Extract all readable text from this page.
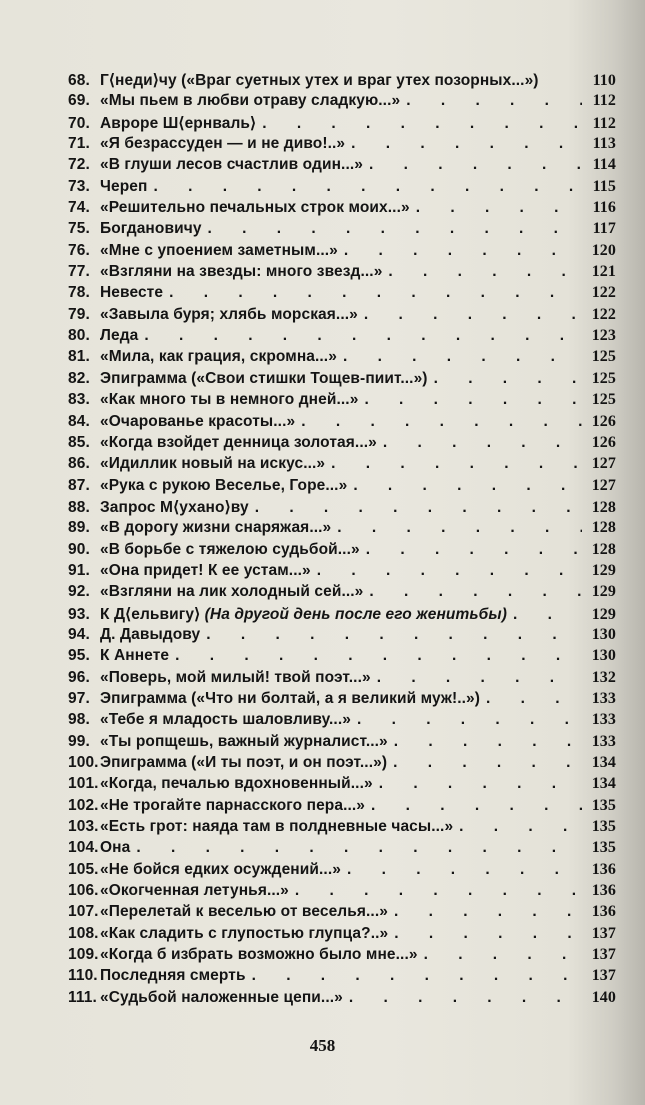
68. Г⟨неди⟩чу («Враг суетных утех и враг утех позорных...»)	110
69. «Мы пьем в любви отраву сладкую...» . . .	112
70. Авроре Ш⟨ернваль⟩ . . .	112
71. «Я безрассуден — и не диво!..» . . .	113
72. «В глуши лесов счастлив один...» . . .	114
73. Череп . . .	115
74. «Решительно печальных строк моих...» . . .	116
75. Богдановичу . . .	117
76. «Мне с упоением заметным...» . . .	120
77. «Взгляни на звезды: много звезд...» . . .	121
78. Невесте . . .	122
79. «Завыла буря; хлябь морская...» . . .	122
80. Леда . . .	123
81. «Мила, как грация, скромна...» . . .	125
82. Эпиграмма («Свои стишки Тощев-пиит...») . . .	125
83. «Как много ты в немного дней...» . . .	125
84. «Очарованье красоты...» . . .	126
85. «Когда взойдет денница золотая...» . . .	126
86. «Идиллик новый на искус...» . . .	127
87. «Рука с рукою Веселье, Горе...» . . .	127
88. Запрос М⟨ухано⟩ву . . .	128
89. «В дорогу жизни снаряжая...» . . .	128
90. «В борьбе с тяжелою судьбой...» . . .	128
91. «Она придет! К ее устам...» . . .	129
92. «Взгляни на лик холодный сей...» . . .	129
93. К Д⟨ельвигу⟩ (На другой день после его женитьбы) . . .	129
94. Д. Давыдову . . .	130
95. К Аннете . . .	130
96. «Поверь, мой милый! твой поэт...» . . .	132
97. Эпиграмма («Что ни болтай, а я великий муж!..») . . .	133
98. «Тебе я младость шаловливу...» . . .	133
99. «Ты ропщешь, важный журналист...» . . .	133
100. Эпиграмма («И ты поэт, и он поэт...») . . .	134
101. «Когда, печалью вдохновенный...» . . .	134
102. «Не трогайте парнасского пера...» . . .	135
103. «Есть грот: наяда там в полдневные часы...» . . .	135
104. Она . . .	135
105. «Не бойся едких осуждений...» . . .	136
106. «Окогченная летунья...» . . .	136
107. «Перелетай к веселью от веселья...» . . .	136
108. «Как сладить с глупостью глупца?..» . . .	137
109. «Когда б избрать возможно было мне...» . . .	137
110. Последняя смерть . . .	137
111. «Судьбой наложенные цепи...» . . .	140
458
